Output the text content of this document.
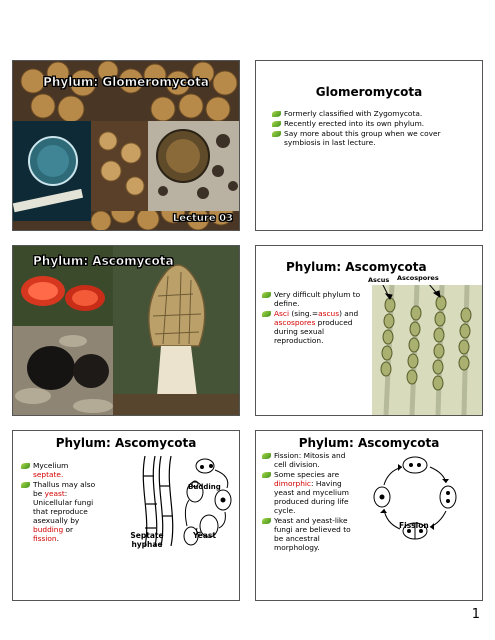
Phylum: Glomeromycota
Lecture 03
Glomeromycota
Formerly classified with Zygomycota.
Recently erected into its own phylum.
Say more about this group when we cover symbiosis in last lecture.
Phylum: Ascomycota	Phylum: Ascomycota
Ascus Ascospores
Very difficult phylum to define.
Asci (sing.=ascus) and ascospores produced during sexual reproduction.
Phylum: Ascomycota
Mycelium septate.
Thallus may also be yeast: Unicellular fungi that reproduce asexually by budding or fission.
Budding
Septate hyphae
Yeast
Phylum: Ascomycota
Fission: Mitosis and cell division.
Some species are dimorphic: Having yeast and mycelium produced during life cycle.
Yeast and yeast-like fungi are believed to be ancestral morphology.
Fission
1
